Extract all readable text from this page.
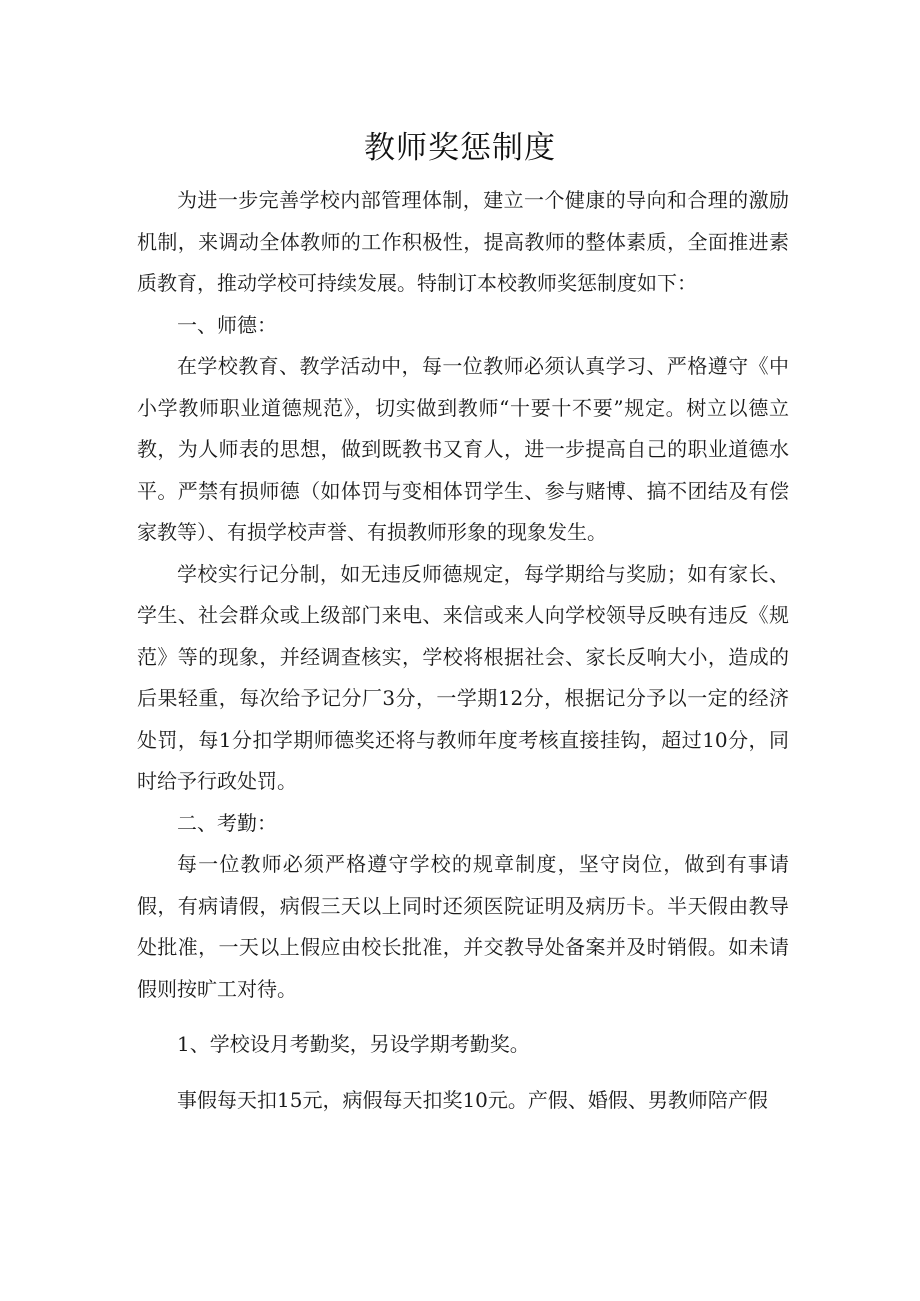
教师奖惩制度

为进一步完善学校内部管理体制，建立一个健康的导向和合理的激励机制，来调动全体教师的工作积极性，提高教师的整体素质，全面推进素质教育，推动学校可持续发展。特制订本校教师奖惩制度如下：

一、师德：

在学校教育、教学活动中，每一位教师必须认真学习、严格遵守《中小学教师职业道德规范》，切实做到教师“十要十不要”规定。树立以德立教，为人师表的思想，做到既教书又育人，进一步提高自己的职业道德水平。严禁有损师德（如体罚与变相体罚学生、参与赌博、搞不团结及有偿家教等）、有损学校声誉、有损教师形象的现象发生。

学校实行记分制，如无违反师德规定，每学期给与奖励；如有家长、学生、社会群众或上级部门来电、来信或来人向学校领导反映有违反《规范》等的现象，并经调查核实，学校将根据社会、家长反响大小，造成的后果轻重，每次给予记分厂3分，一学期12分，根据记分予以一定的经济处罚，每1分扣学期师德奖还将与教师年度考核直接挂钩，超过10分，同时给予行政处罚。

二、考勤：

每一位教师必须严格遵守学校的规章制度，坚守岗位，做到有事请假，有病请假，病假三天以上同时还须医院证明及病历卡。半天假由教导处批准，一天以上假应由校长批准，并交教导处备案并及时销假。如未请假则按旷工对待。

1、学校设月考勤奖，另设学期考勤奖。

事假每天扣15元，病假每天扣奖10元。产假、婚假、男教师陪产假
